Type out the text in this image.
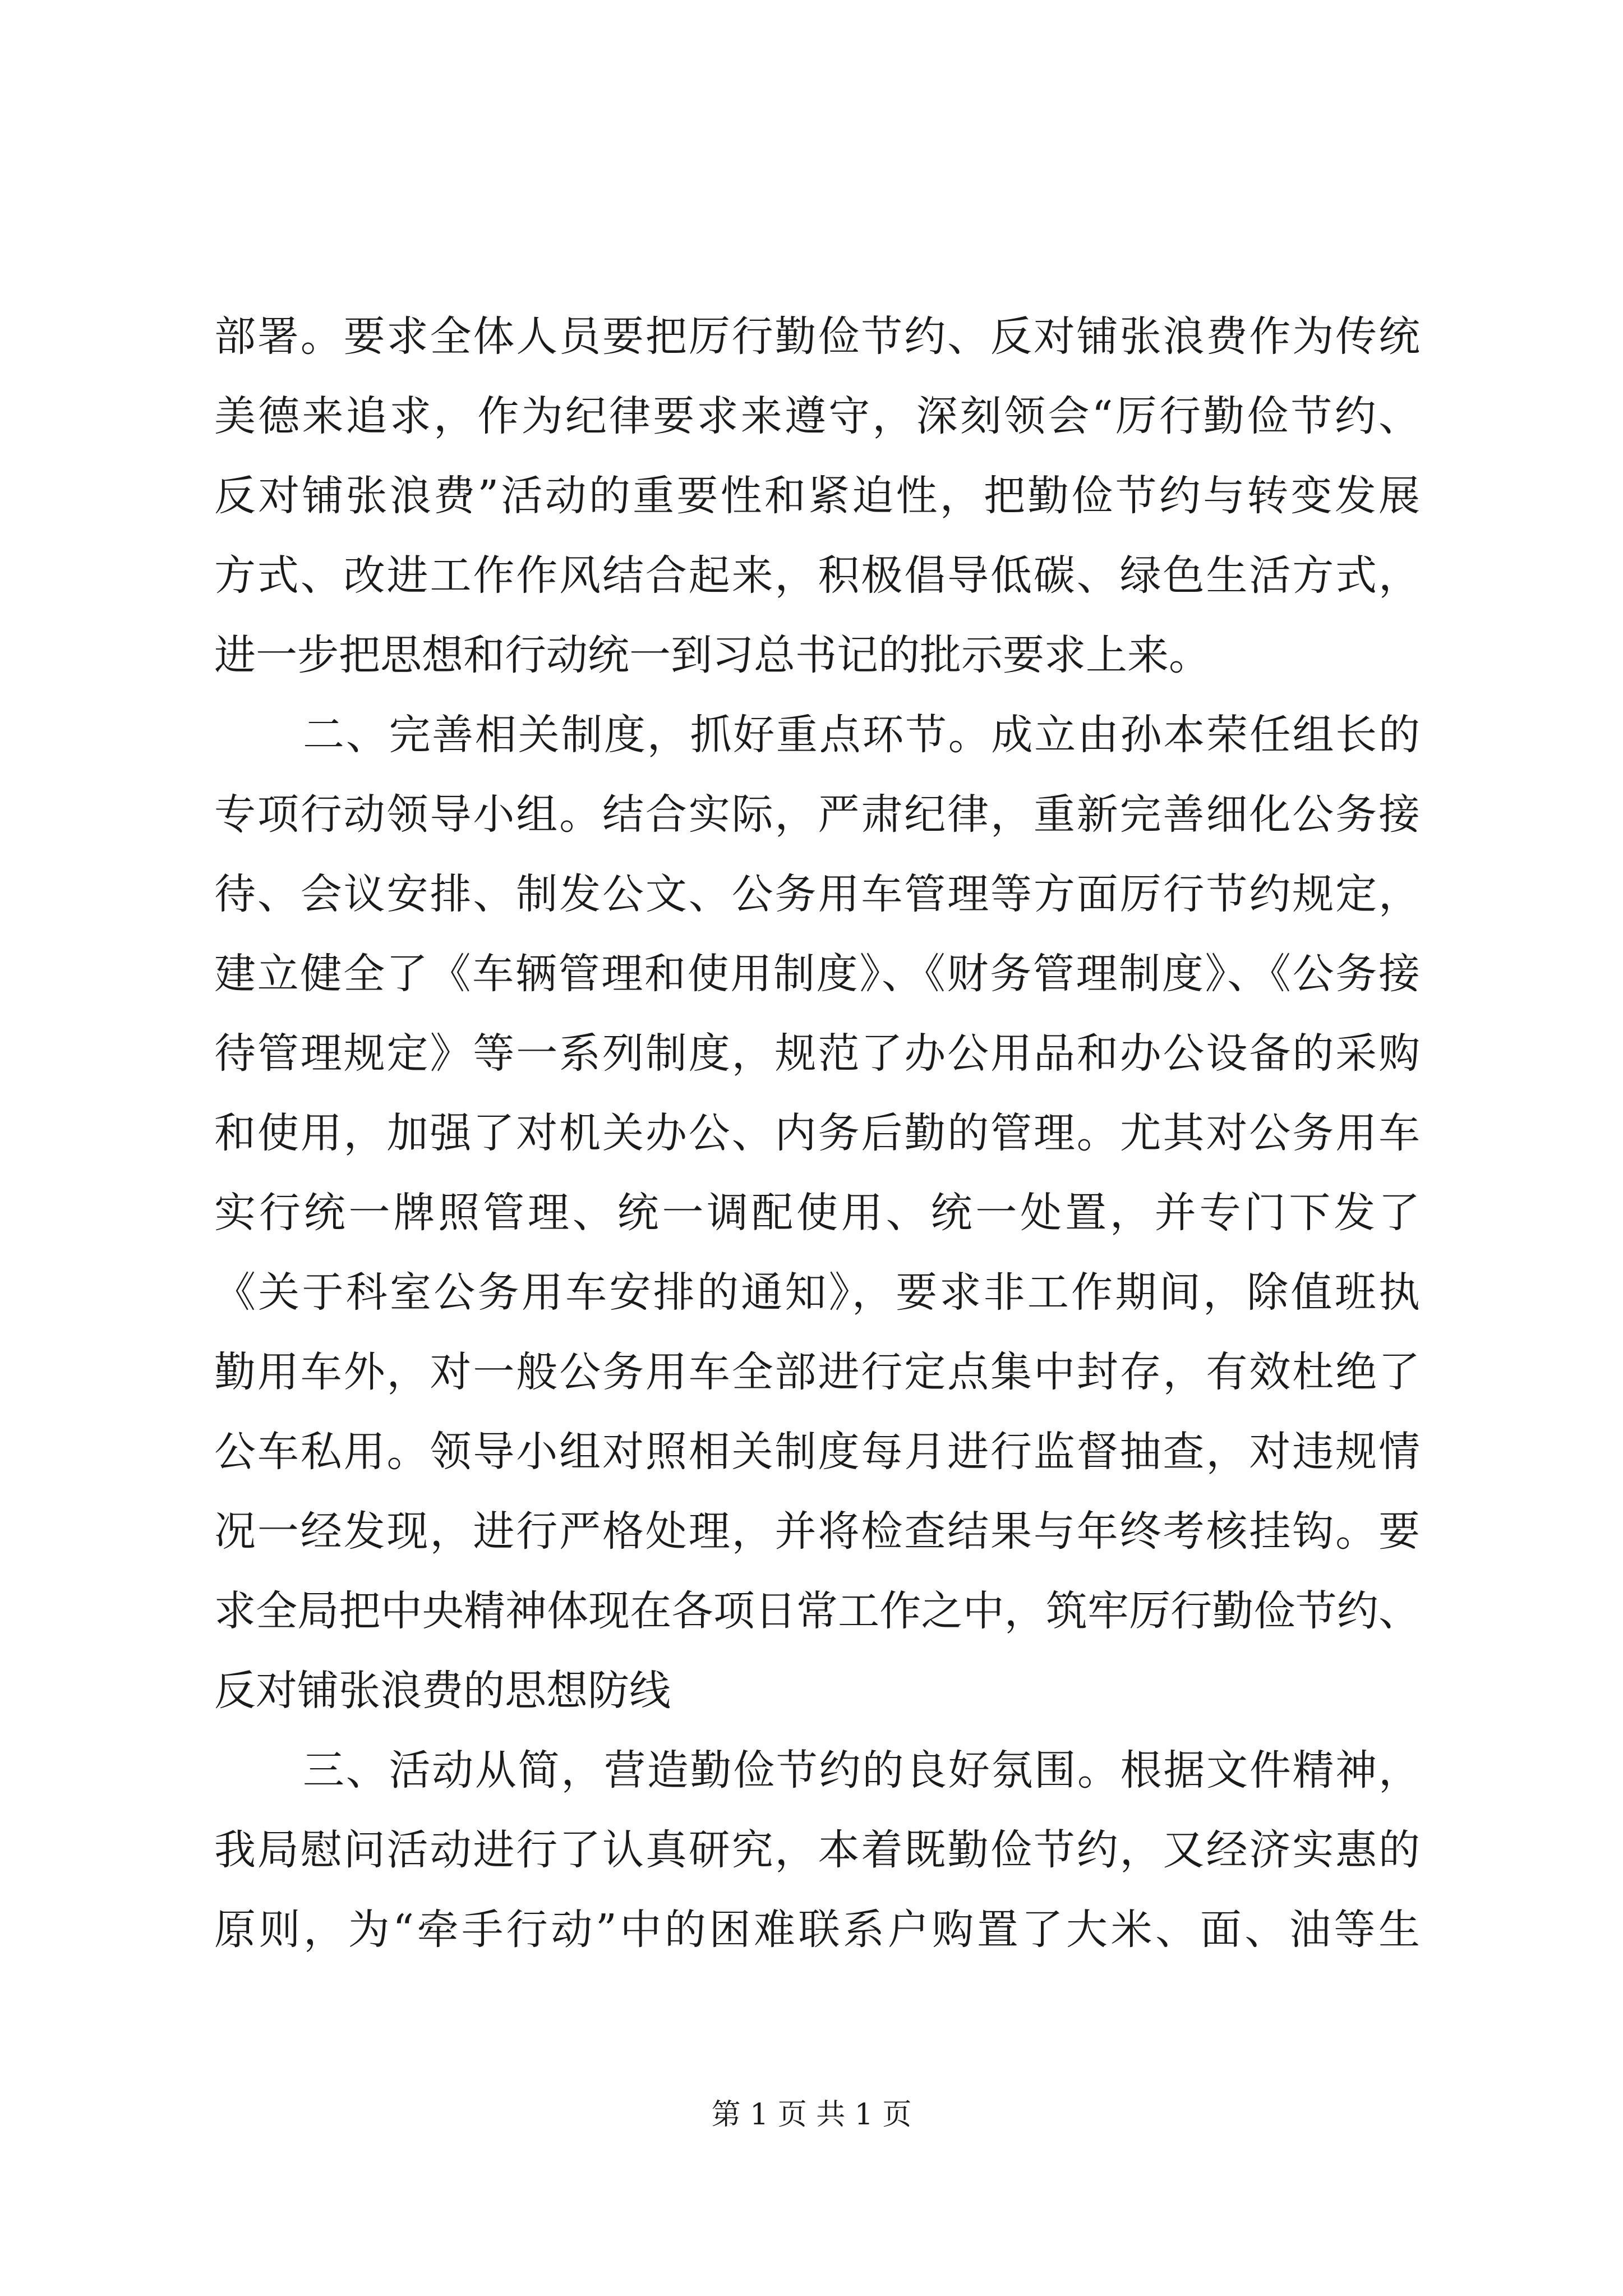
部署。要求全体人员要把厉行勤俭节约、反对铺张浪费作为传统
美德来追求，作为纪律要求来遵守，深刻领会“厉行勤俭节约、
反对铺张浪费”活动的重要性和紧迫性，把勤俭节约与转变发展
方式、改进工作作风结合起来，积极倡导低碳、绿色生活方式，
进一步把思想和行动统一到习总书记的批示要求上来。
二、完善相关制度，抓好重点环节。成立由孙本荣任组长的
专项行动领导小组。结合实际，严肃纪律，重新完善细化公务接
待、会议安排、制发公文、公务用车管理等方面厉行节约规定，
建立健全了《车辆管理和使用制度》、《财务管理制度》、《公务接
待管理规定》等一系列制度，规范了办公用品和办公设备的采购
和使用，加强了对机关办公、内务后勤的管理。尤其对公务用车
实行统一牌照管理、统一调配使用、统一处置，并专门下发了
《关于科室公务用车安排的通知》，要求非工作期间，除值班执
勤用车外，对一般公务用车全部进行定点集中封存，有效杜绝了
公车私用。领导小组对照相关制度每月进行监督抽查，对违规情
况一经发现，进行严格处理，并将检查结果与年终考核挂钩。要
求全局把中央精神体现在各项日常工作之中，筑牢厉行勤俭节约、
反对铺张浪费的思想防线
三、活动从简，营造勤俭节约的良好氛围。根据文件精神，
我局慰问活动进行了认真研究，本着既勤俭节约，又经济实惠的
原则，为“牵手行动”中的困难联系户购置了大米、面、油等生
第 1 页 共 1 页
